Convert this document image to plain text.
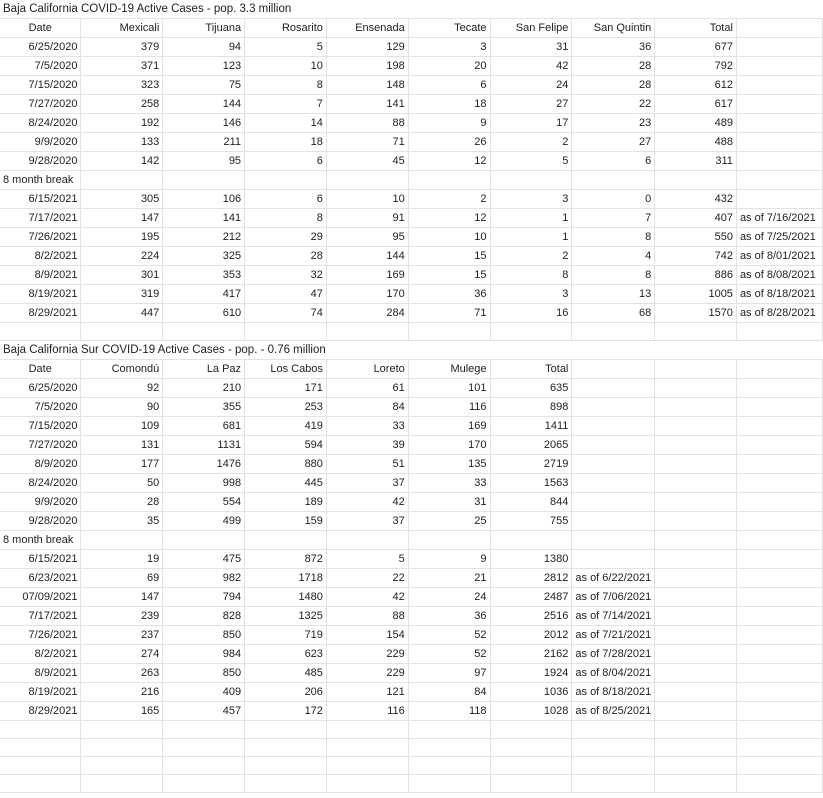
Baja California COVID-19 Active Cases - pop. 3.3 million									
Date	Mexicali	Tijuana	Rosarito	Ensenada	Tecate	San Felipe	San Quintin	Total	
6/25/2020	379	94	5	129	3	31	36	677	
7/5/2020	371	123	10	198	20	42	28	792	
7/15/2020	323	75	8	148	6	24	28	612	
7/27/2020	258	144	7	141	18	27	22	617	
8/24/2020	192	146	14	88	9	17	23	489	
9/9/2020	133	211	18	71	26	2	27	488	
9/28/2020	142	95	6	45	12	5	6	311	
8 month break									
6/15/2021	305	106	6	10	2	3	0	432	
7/17/2021	147	141	8	91	12	1	7	407	as of 7/16/2021
7/26/2021	195	212	29	95	10	1	8	550	as of 7/25/2021
8/2/2021	224	325	28	144	15	2	4	742	as of 8/01/2021
8/9/2021	301	353	32	169	15	8	8	886	as of 8/08/2021
8/19/2021	319	417	47	170	36	3	13	1005	as of 8/18/2021
8/29/2021	447	610	74	284	71	16	68	1570	as of 8/28/2021

Baja California Sur COVID-19 Active Cases - pop. - 0.76 million									
Date	Comondú	La Paz	Los Cabos	Loreto	Mulege	Total			
6/25/2020	92	210	171	61	101	635			
7/5/2020	90	355	253	84	116	898			
7/15/2020	109	681	419	33	169	1411			
7/27/2020	131	1131	594	39	170	2065			
8/9/2020	177	1476	880	51	135	2719			
8/24/2020	50	998	445	37	33	1563			
9/9/2020	28	554	189	42	31	844			
9/28/2020	35	499	159	37	25	755			
8 month break									
6/15/2021	19	475	872	5	9	1380			
6/23/2021	69	982	1718	22	21	2812	as of 6/22/2021		
07/09/2021	147	794	1480	42	24	2487	as of 7/06/2021		
7/17/2021	239	828	1325	88	36	2516	as of 7/14/2021		
7/26/2021	237	850	719	154	52	2012	as of 7/21/2021		
8/2/2021	274	984	623	229	52	2162	as of 7/28/2021		
8/9/2021	263	850	485	229	97	1924	as of 8/04/2021		
8/19/2021	216	409	206	121	84	1036	as of 8/18/2021		
8/29/2021	165	457	172	116	118	1028	as of 8/25/2021		
